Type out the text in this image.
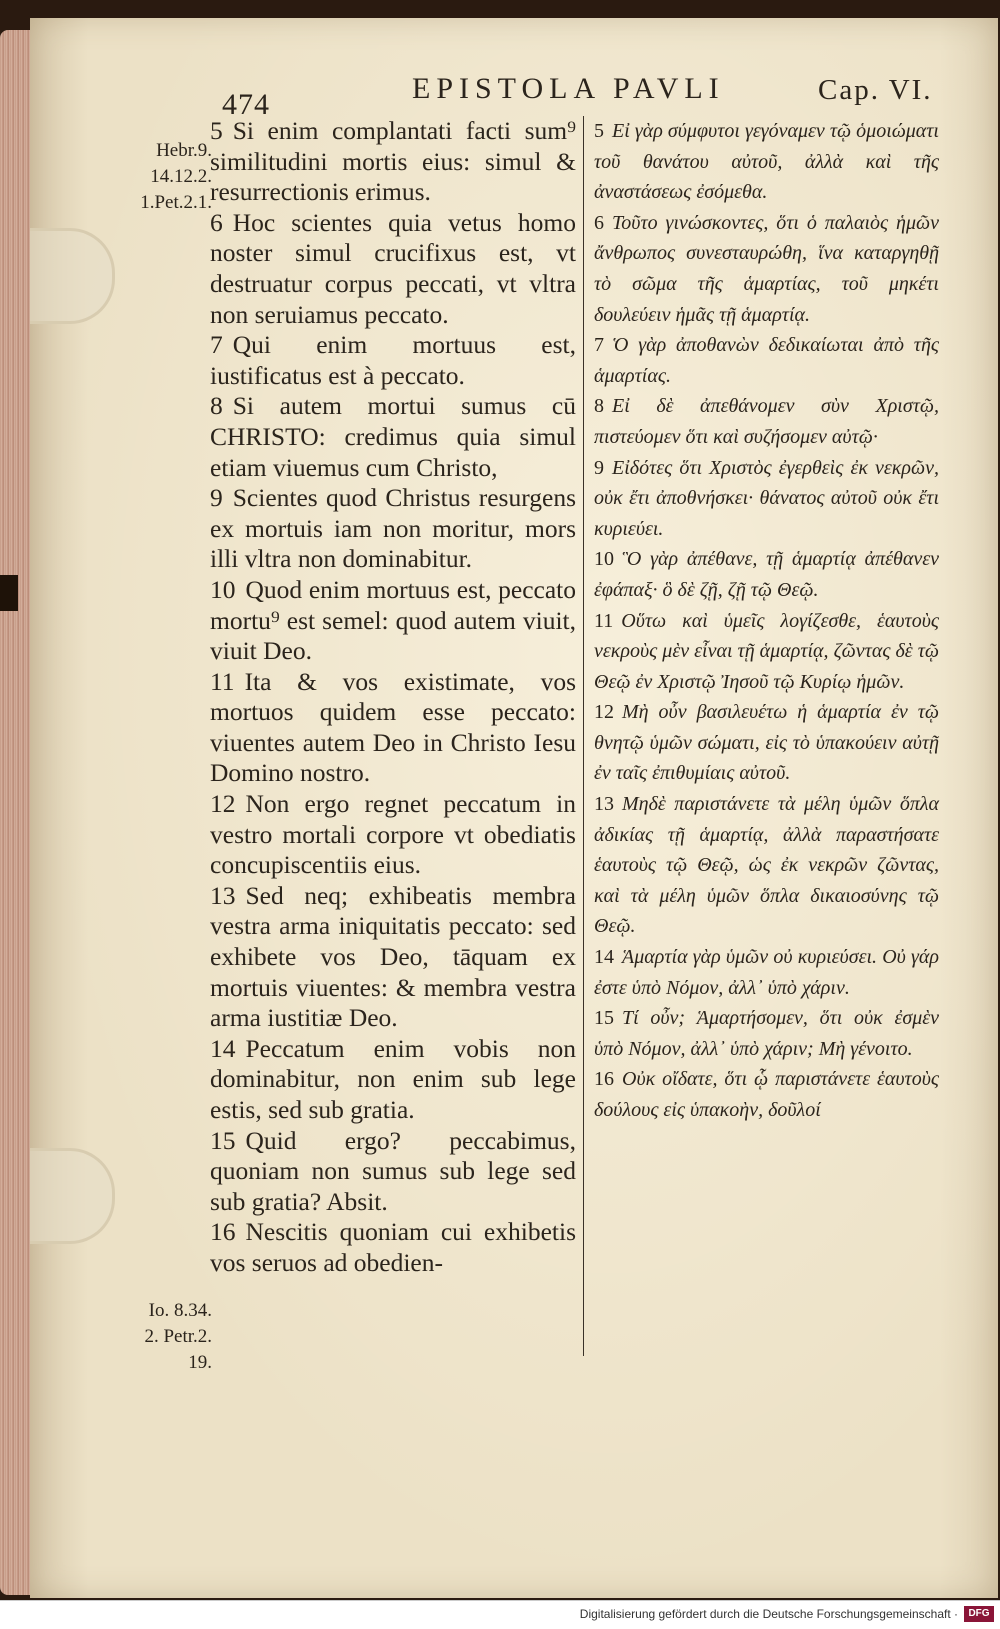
474	EPISTOLA PAVLI	Cap. VI.
Hebr.9.
14.12.2.
1.Pet.2.1.
Io. 8.34.
2. Petr.2.
19.

5 Si enim complantati facti sum⁹ similitudini mortis eius: simul & resurrectionis erimus.

6 Hoc scientes quia vetus homo noster simul crucifixus est, vt destruatur corpus peccati, vt vltra non seruiamus peccato.

7 Qui enim mortuus est, iustificatus est à peccato.

8 Si autem mortui sumus cū CHRISTO: credimus quia simul etiam viuemus cum Christo,

9 Scientes quod Christus resurgens ex mortuis iam non moritur, mors illi vltra non dominabitur.

10 Quod enim mortuus est, peccato mortu⁹ est semel: quod autem viuit, viuit Deo.

11 Ita & vos existimate, vos mortuos quidem esse peccato: viuentes autem Deo in Christo Iesu Domino nostro.

12 Non ergo regnet peccatum in vestro mortali corpore vt obediatis concupiscentiis eius.

13 Sed neq; exhibeatis membra vestra arma iniquitatis peccato: sed exhibete vos Deo, tāquam ex mortuis viuentes: & membra vestra arma iustitiæ Deo.

14 Peccatum enim vobis non dominabitur, non enim sub lege estis, sed sub gratia.

15 Quid ergo? peccabimus, quoniam non sumus sub lege sed sub gratia? Absit.

16 Nescitis quoniam cui exhibetis vos seruos ad obedien-

5 Εἰ γὰρ σύμφυτοι γεγόναμεν τῷ ὁμοιώματι τοῦ θανάτου αὐτοῦ, ἀλλὰ καὶ τῆς ἀναστάσεως ἐσόμεθα.

6 Τοῦτο γινώσκοντες, ὅτι ὁ παλαιὸς ἡμῶν ἄνθρωπος συνεσταυρώθη, ἵνα καταργηθῇ τὸ σῶμα τῆς ἁμαρτίας, τοῦ μηκέτι δουλεύειν ἡμᾶς τῇ ἁμαρτίᾳ.

7 Ὁ γὰρ ἀποθανὼν δεδικαίωται ἀπὸ τῆς ἁμαρτίας.

8 Εἰ δὲ ἀπεθάνομεν σὺν Χριστῷ, πιστεύομεν ὅτι καὶ συζήσομεν αὐτῷ·

9 Εἰδότες ὅτι Χριστὸς ἐγερθεὶς ἐκ νεκρῶν, οὐκ ἔτι ἀποθνήσκει· θάνατος αὐτοῦ οὐκ ἔτι κυριεύει.

10 Ὃ γὰρ ἀπέθανε, τῇ ἁμαρτίᾳ ἀπέθανεν ἐφάπαξ· ὃ δὲ ζῇ, ζῇ τῷ Θεῷ.

11 Οὕτω καὶ ὑμεῖς λογίζεσθε, ἑαυτοὺς νεκροὺς μὲν εἶναι τῇ ἁμαρτίᾳ, ζῶντας δὲ τῷ Θεῷ ἐν Χριστῷ Ἰησοῦ τῷ Κυρίῳ ἡμῶν.

12 Μὴ οὖν βασιλευέτω ἡ ἁμαρτία ἐν τῷ θνητῷ ὑμῶν σώματι, εἰς τὸ ὑπακούειν αὐτῇ ἐν ταῖς ἐπιθυμίαις αὐτοῦ.

13 Μηδὲ παριστάνετε τὰ μέλη ὑμῶν ὅπλα ἀδικίας τῇ ἁμαρτίᾳ, ἀλλὰ παραστήσατε ἑαυτοὺς τῷ Θεῷ, ὡς ἐκ νεκρῶν ζῶντας, καὶ τὰ μέλη ὑμῶν ὅπλα δικαιοσύνης τῷ Θεῷ.

14 Ἁμαρτία γὰρ ὑμῶν οὐ κυριεύσει. Οὐ γάρ ἐστε ὑπὸ Νόμον, ἀλλ᾽ ὑπὸ χάριν.

15 Τί οὖν; Ἁμαρτήσομεν, ὅτι οὐκ ἐσμὲν ὑπὸ Νόμον, ἀλλ᾽ ὑπὸ χάριν; Μὴ γένοιτο.

16 Οὐκ οἴδατε, ὅτι ᾧ παριστάνετε ἑαυτοὺς δούλους εἰς ὑπακοὴν, δοῦλοί

Digitalisierung gefördert durch die Deutsche Forschungsgemeinschaft ·	DFG
